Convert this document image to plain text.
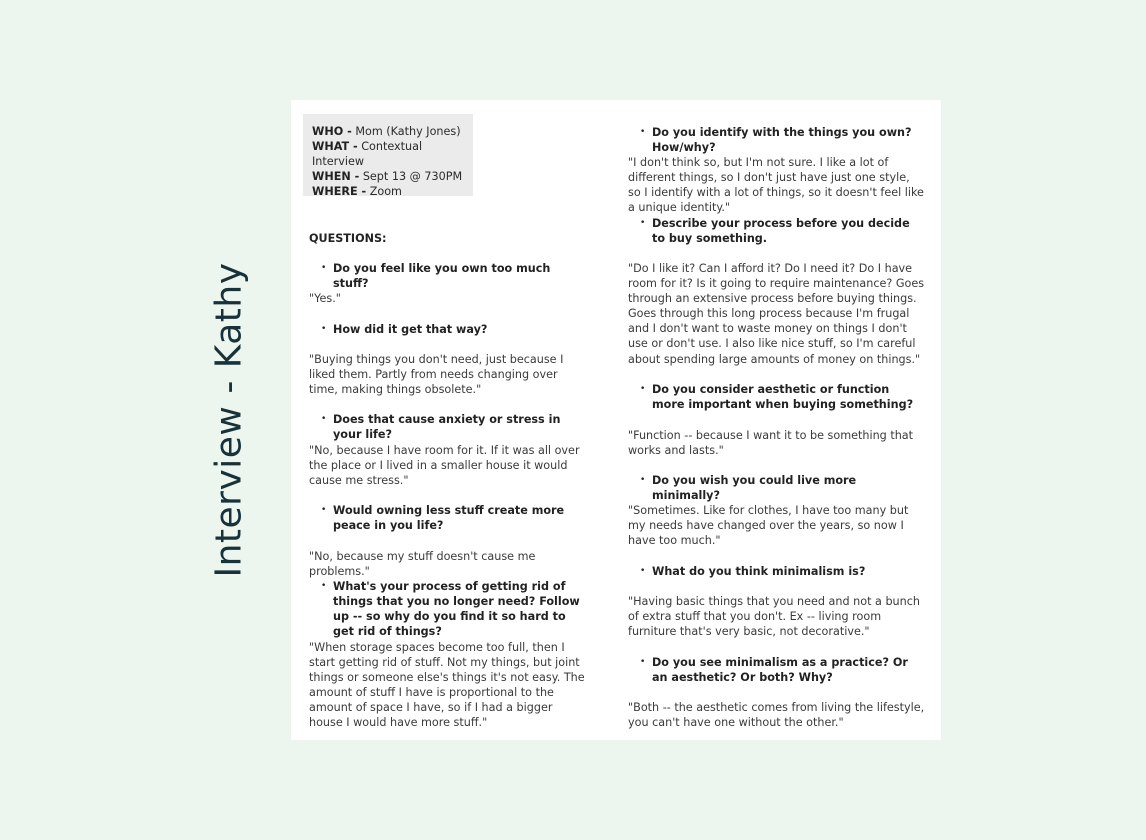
Interview - Kathy
WHO - Mom (Kathy Jones)
WHAT - Contextual Interview
WHEN - Sept 13 @ 730PM
WHERE - Zoom
QUESTIONS:
• Do you feel like you own too much stuff?
"Yes."
• How did it get that way?
"Buying things you don't need, just because I liked them. Partly from needs changing over time, making things obsolete."
• Does that cause anxiety or stress in your life?
"No, because I have room for it. If it was all over the place or I lived in a smaller house it would cause me stress."
• Would owning less stuff create more peace in you life?
"No, because my stuff doesn't cause me problems."
• What's your process of getting rid of things that you no longer need? Follow up -- so why do you find it so hard to get rid of things?
"When storage spaces become too full, then I start getting rid of stuff. Not my things, but joint things or someone else's things it's not easy. The amount of stuff I have is proportional to the amount of space I have, so if I had a bigger house I would have more stuff."
• Do you identify with the things you own? How/why?
"I don't think so, but I'm not sure. I like a lot of different things, so I don't just have just one style, so I identify with a lot of things, so it doesn't feel like a unique identity."
• Describe your process before you decide to buy something.
"Do I like it? Can I afford it? Do I need it? Do I have room for it? Is it going to require maintenance? Goes through an extensive process before buying things. Goes through this long process because I'm frugal and I don't want to waste money on things I don't use or don't use. I also like nice stuff, so I'm careful about spending large amounts of money on things."
• Do you consider aesthetic or function more important when buying something?
"Function -- because I want it to be something that works and lasts."
• Do you wish you could live more minimally?
"Sometimes. Like for clothes, I have too many but my needs have changed over the years, so now I have too much."
• What do you think minimalism is?
"Having basic things that you need and not a bunch of extra stuff that you don't. Ex -- living room furniture that's very basic, not decorative."
• Do you see minimalism as a practice? Or an aesthetic? Or both? Why?
"Both -- the aesthetic comes from living the lifestyle, you can't have one without the other."
